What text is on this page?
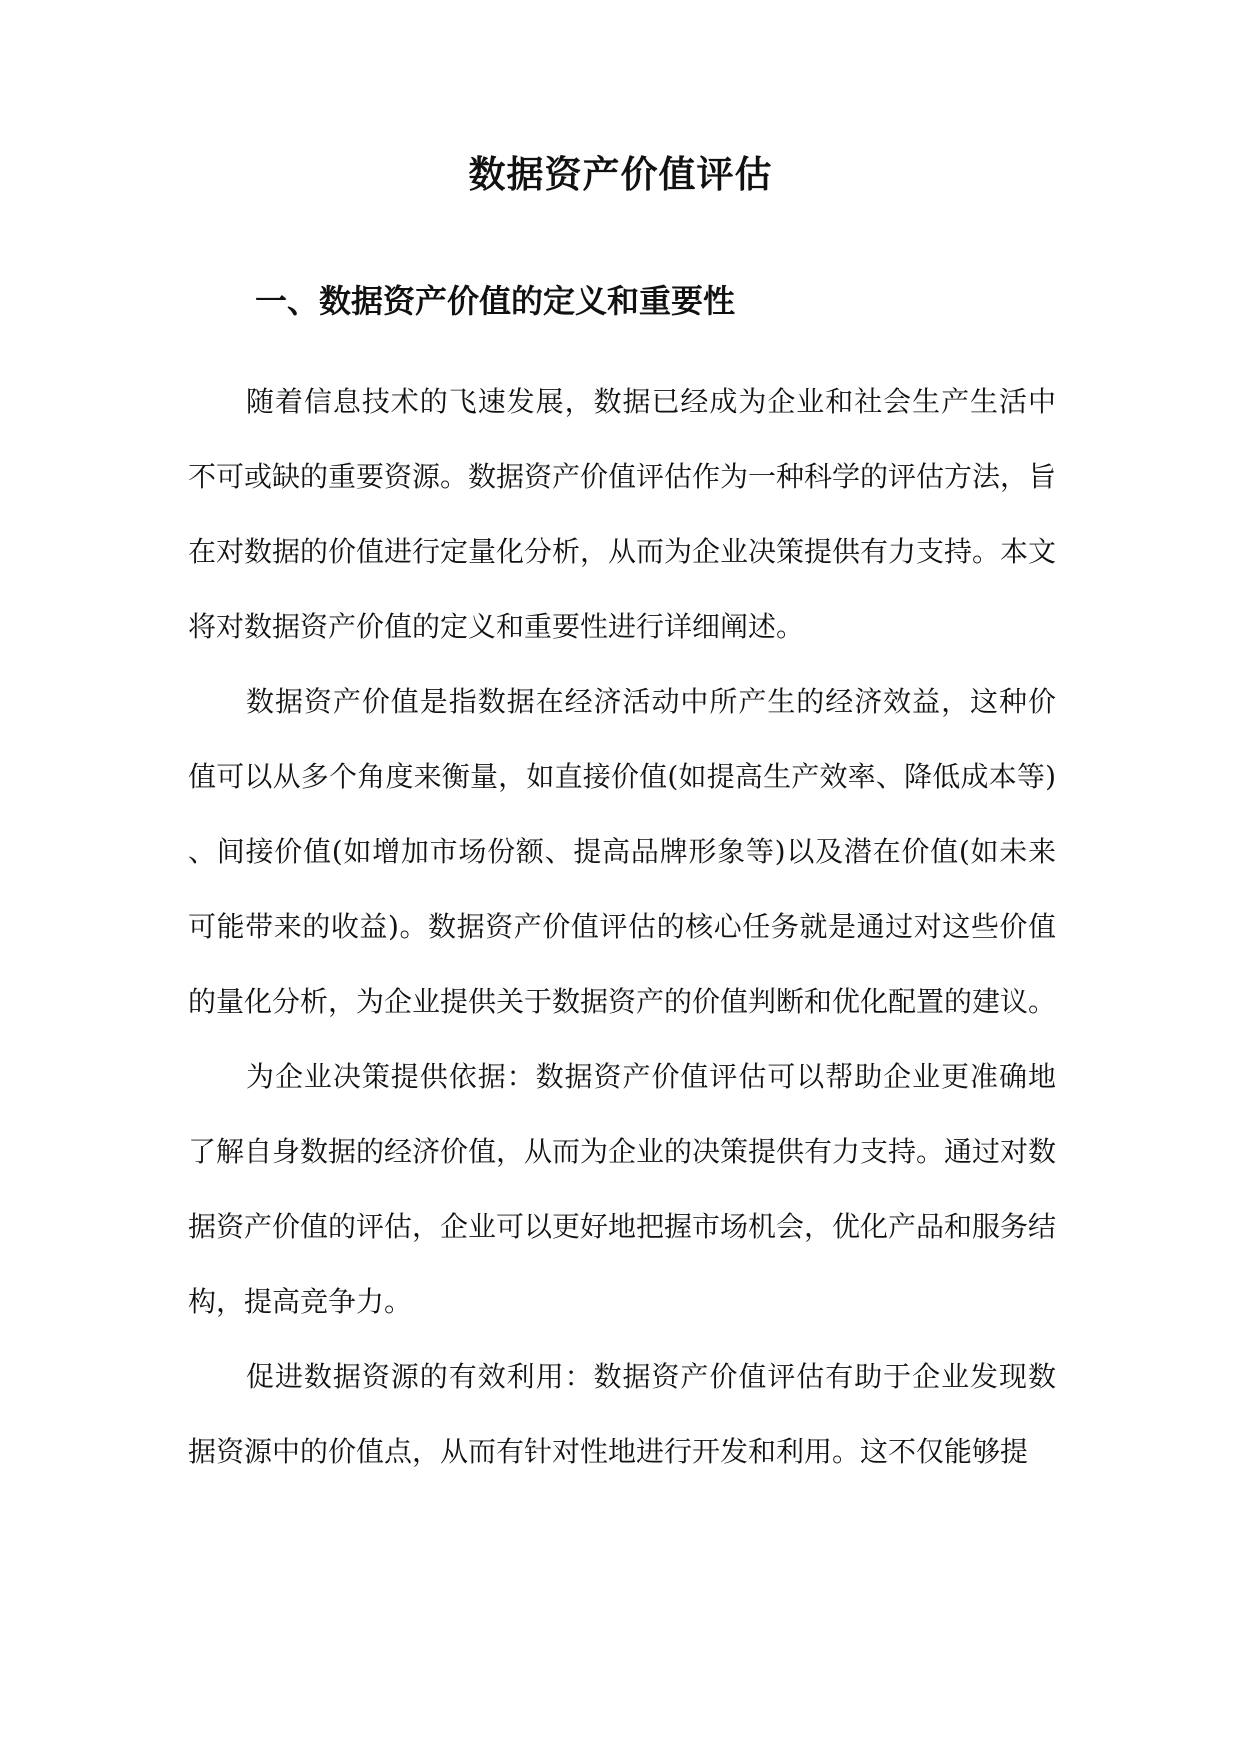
数据资产价值评估
一、数据资产价值的定义和重要性

随着信息技术的飞速发展，数据已经成为企业和社会生产生活中不可或缺的重要资源。数据资产价值评估作为一种科学的评估方法，旨在对数据的价值进行定量化分析，从而为企业决策提供有力支持。本文将对数据资产价值的定义和重要性进行详细阐述。

数据资产价值是指数据在经济活动中所产生的经济效益，这种价值可以从多个角度来衡量，如直接价值(如提高生产效率、降低成本等)、间接价值(如增加市场份额、提高品牌形象等)以及潜在价值(如未来可能带来的收益)。数据资产价值评估的核心任务就是通过对这些价值的量化分析，为企业提供关于数据资产的价值判断和优化配置的建议。

为企业决策提供依据：数据资产价值评估可以帮助企业更准确地了解自身数据的经济价值，从而为企业的决策提供有力支持。通过对数据资产价值的评估，企业可以更好地把握市场机会，优化产品和服务结构，提高竞争力。

促进数据资源的有效利用：数据资产价值评估有助于企业发现数据资源中的价值点，从而有针对性地进行开发和利用。这不仅能够提
